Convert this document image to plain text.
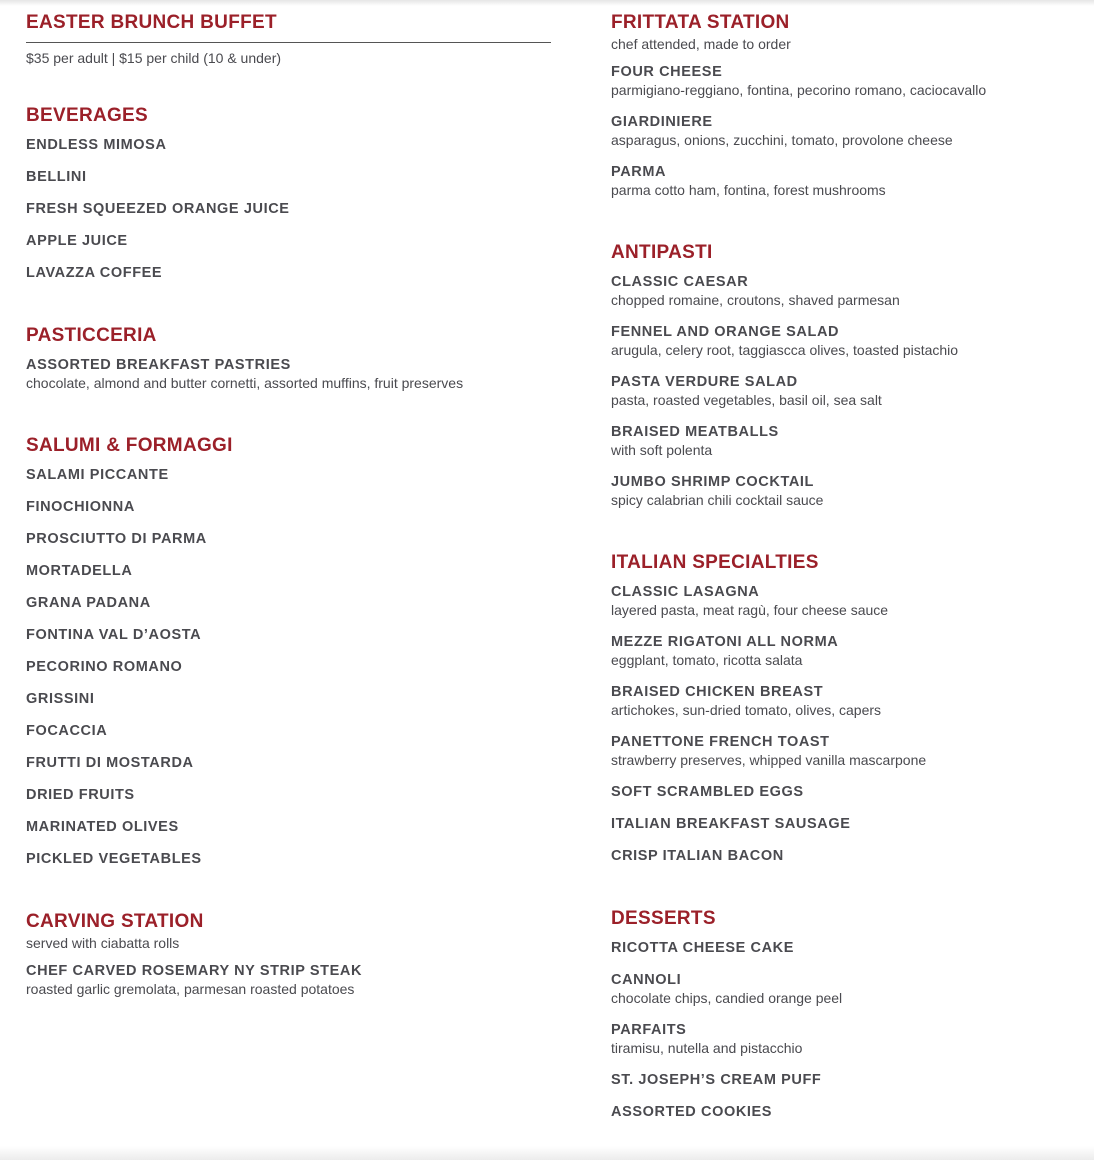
EASTER BRUNCH BUFFET

$35 per adult | $15 per child (10 & under)

BEVERAGES
ENDLESS MIMOSA
BELLINI
FRESH SQUEEZED ORANGE JUICE
APPLE JUICE
LAVAZZA COFFEE
PASTICCERIA
ASSORTED BREAKFAST PASTRIES
chocolate, almond and butter cornetti, assorted muffins, fruit preserves
SALUMI & FORMAGGI
SALAMI PICCANTE
FINOCHIONNA
PROSCIUTTO DI PARMA
MORTADELLA
GRANA PADANA
FONTINA VAL D’AOSTA
PECORINO ROMANO
GRISSINI
FOCACCIA
FRUTTI DI MOSTARDA
DRIED FRUITS
MARINATED OLIVES
PICKLED VEGETABLES
CARVING STATION
served with ciabatta rolls
CHEF CARVED ROSEMARY NY STRIP STEAK
roasted garlic gremolata, parmesan roasted potatoes
FRITTATA STATION
chef attended, made to order
FOUR CHEESE
parmigiano-reggiano, fontina, pecorino romano, caciocavallo
GIARDINIERE
asparagus, onions, zucchini, tomato, provolone cheese
PARMA
parma cotto ham, fontina, forest mushrooms
ANTIPASTI
CLASSIC CAESAR
chopped romaine, croutons, shaved parmesan
FENNEL AND ORANGE SALAD
arugula, celery root, taggiascca olives, toasted pistachio
PASTA VERDURE SALAD
pasta, roasted vegetables, basil oil, sea salt
BRAISED MEATBALLS
with soft polenta
JUMBO SHRIMP COCKTAIL
spicy calabrian chili cocktail sauce
ITALIAN SPECIALTIES
CLASSIC LASAGNA
layered pasta, meat ragù, four cheese sauce
MEZZE RIGATONI ALL NORMA
eggplant, tomato, ricotta salata
BRAISED CHICKEN BREAST
artichokes, sun-dried tomato, olives, capers
PANETTONE FRENCH TOAST
strawberry preserves, whipped vanilla mascarpone
SOFT SCRAMBLED EGGS
ITALIAN BREAKFAST SAUSAGE
CRISP ITALIAN BACON
DESSERTS
RICOTTA CHEESE CAKE
CANNOLI
chocolate chips, candied orange peel
PARFAITS
tiramisu, nutella and pistacchio
ST. JOSEPH’S CREAM PUFF
ASSORTED COOKIES
